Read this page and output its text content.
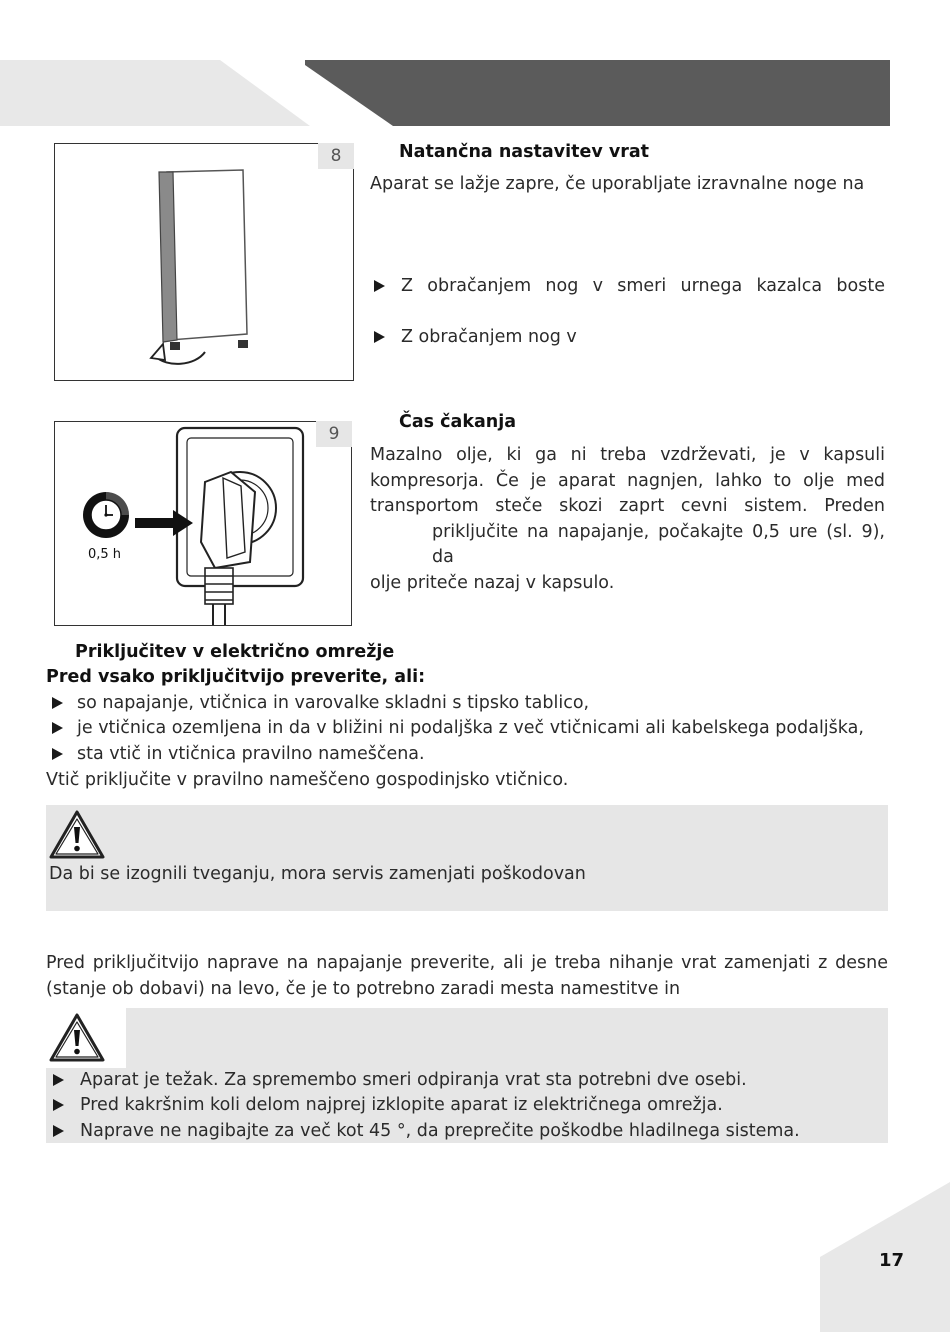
8	Natančna nastavitev vrat
Aparat se lažje zapre, če uporabljate izravnalne noge na
Z obračanjem nog v smeri urnega kazalca boste
Z obračanjem nog v
0,5 h
9
Čas čakanja
Mazalno olje, ki ga ni treba vzdrževati, je v kapsuli
kompresorja. Če je aparat nagnjen, lahko to olje med
transportom steče skozi zaprt cevni sistem. Preden
priključite na napajanje, počakajte 0,5 ure (sl. 9), da
olje priteče nazaj v kapsulo.
Priključitev v električno omrežje
Pred vsako priključitvijo preverite, ali:
so napajanje, vtičnica in varovalke skladni s tipsko tablico,
je vtičnica ozemljena in da v bližini ni podaljška z več vtičnicami ali kabelskega podaljška,
sta vtič in vtičnica pravilno nameščena.
Vtič priključite v pravilno nameščeno gospodinjsko vtičnico.
Da bi se izognili tveganju, mora servis zamenjati poškodovan
Pred priključitvijo naprave na napajanje preverite, ali je treba nihanje vrat zamenjati z desne
(stanje ob dobavi) na levo, če je to potrebno zaradi mesta namestitve in
Aparat je težak. Za spremembo smeri odpiranja vrat sta potrebni dve osebi.
Pred kakršnim koli delom najprej izklopite aparat iz električnega omrežja.
Naprave ne nagibajte za več kot 45 °, da preprečite poškodbe hladilnega sistema.
17
